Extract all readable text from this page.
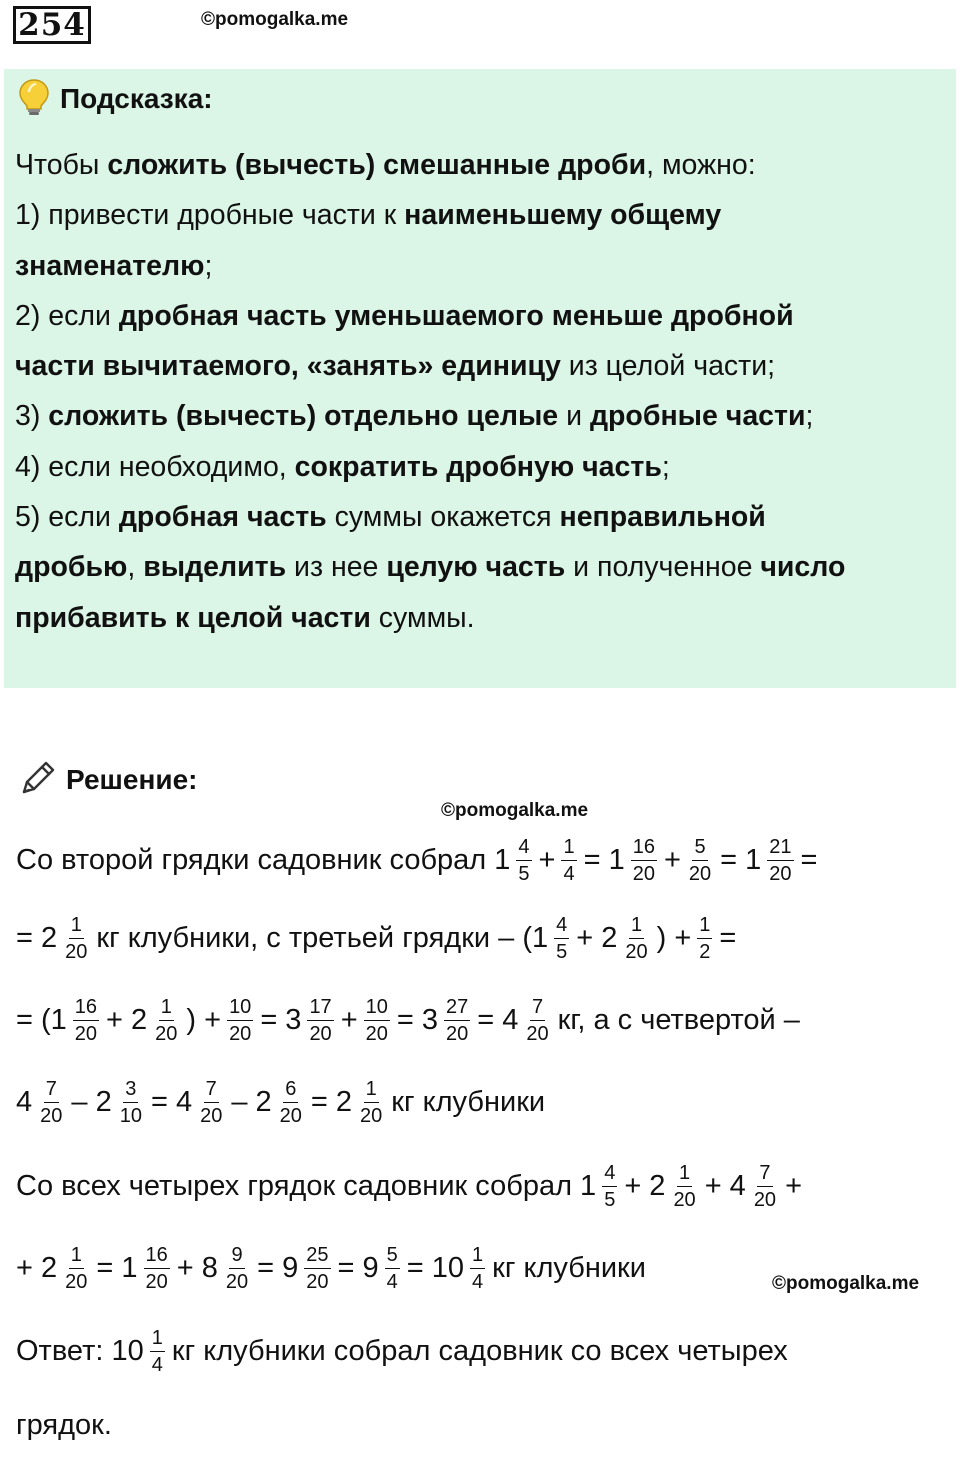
254	©pomogalka.me
Подсказка:
Чтобы сложить (вычесть) смешанные дроби, можно:
1) привести дробные части к наименьшему общему
знаменателю;
2) если дробная часть уменьшаемого меньше дробной
части вычитаемого, «занять» единицу из целой части;
3) сложить (вычесть) отдельно целые и дробные части;
4) если необходимо, сократить дробную часть;
5) если дробная часть суммы окажется неправильной
дробью, выделить из нее целую часть и полученное число
прибавить к целой части суммы.
Решение:
©pomogalka.me
©pomogalka.me
Со второй грядки садовник собрал $1 \frac{4}{5} + \frac{1}{4} = 1 \frac{16}{20} + \frac{5}{20} = 1 \frac{21}{20}$ =
= $2 \frac{1}{20}$ кг клубники, с третьей грядки – ($1 \frac{4}{5} + 2 \frac{1}{20}$ ) + $\frac{1}{2}$ =
= ($1 \frac{16}{20} + 2 \frac{1}{20}$ ) + $\frac{10}{20} = 3 \frac{17}{20} + \frac{10}{20} = 3 \frac{27}{20} = 4 \frac{7}{20}$ кг, а с четвертой –
$4 \frac{7}{20} - 2 \frac{3}{10} = 4 \frac{7}{20} - 2 \frac{6}{20} = 2 \frac{1}{20}$ кг клубники
Со всех четырех грядок садовник собрал $1 \frac{4}{5} + 2 \frac{1}{20} + 4 \frac{7}{20}$ +
+ $2 \frac{1}{20} = 1 \frac{16}{20} + 8 \frac{9}{20} = 9 \frac{25}{20} = 9 \frac{5}{4} = 10 \frac{1}{4}$ кг клубники
Ответ: $10 \frac{1}{4}$ кг клубники собрал садовник со всех четырех
грядок.
